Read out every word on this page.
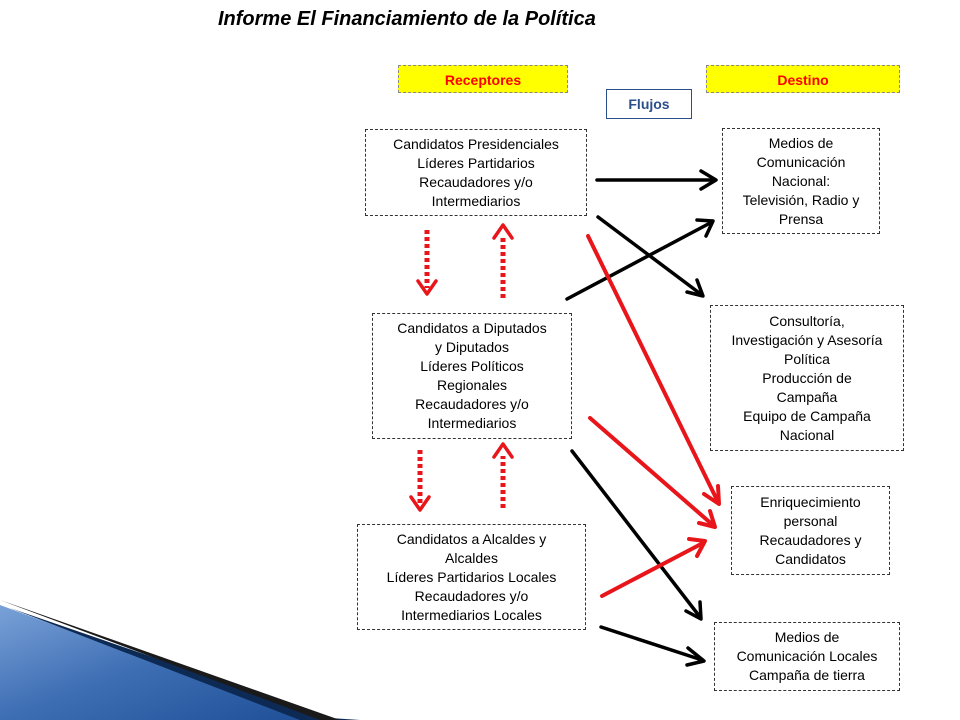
Informe El Financiamiento de la Política
Receptores	Destino
Flujos
Candidatos Presidenciales
Líderes Partidarios
Recaudadores y/o
Intermediarios
Candidatos a Diputados
y Diputados
Líderes Políticos
Regionales
Recaudadores y/o
Intermediarios
Candidatos a Alcaldes y
Alcaldes
Líderes Partidarios Locales
Recaudadores y/o
Intermediarios Locales
Medios de
Comunicación
Nacional:
Televisión, Radio y
Prensa
Consultoría,
Investigación y Asesoría
Política
Producción de
Campaña
Equipo de Campaña
Nacional
Enriquecimiento
personal
Recaudadores y
Candidatos
Medios de
Comunicación Locales
Campaña de tierra
